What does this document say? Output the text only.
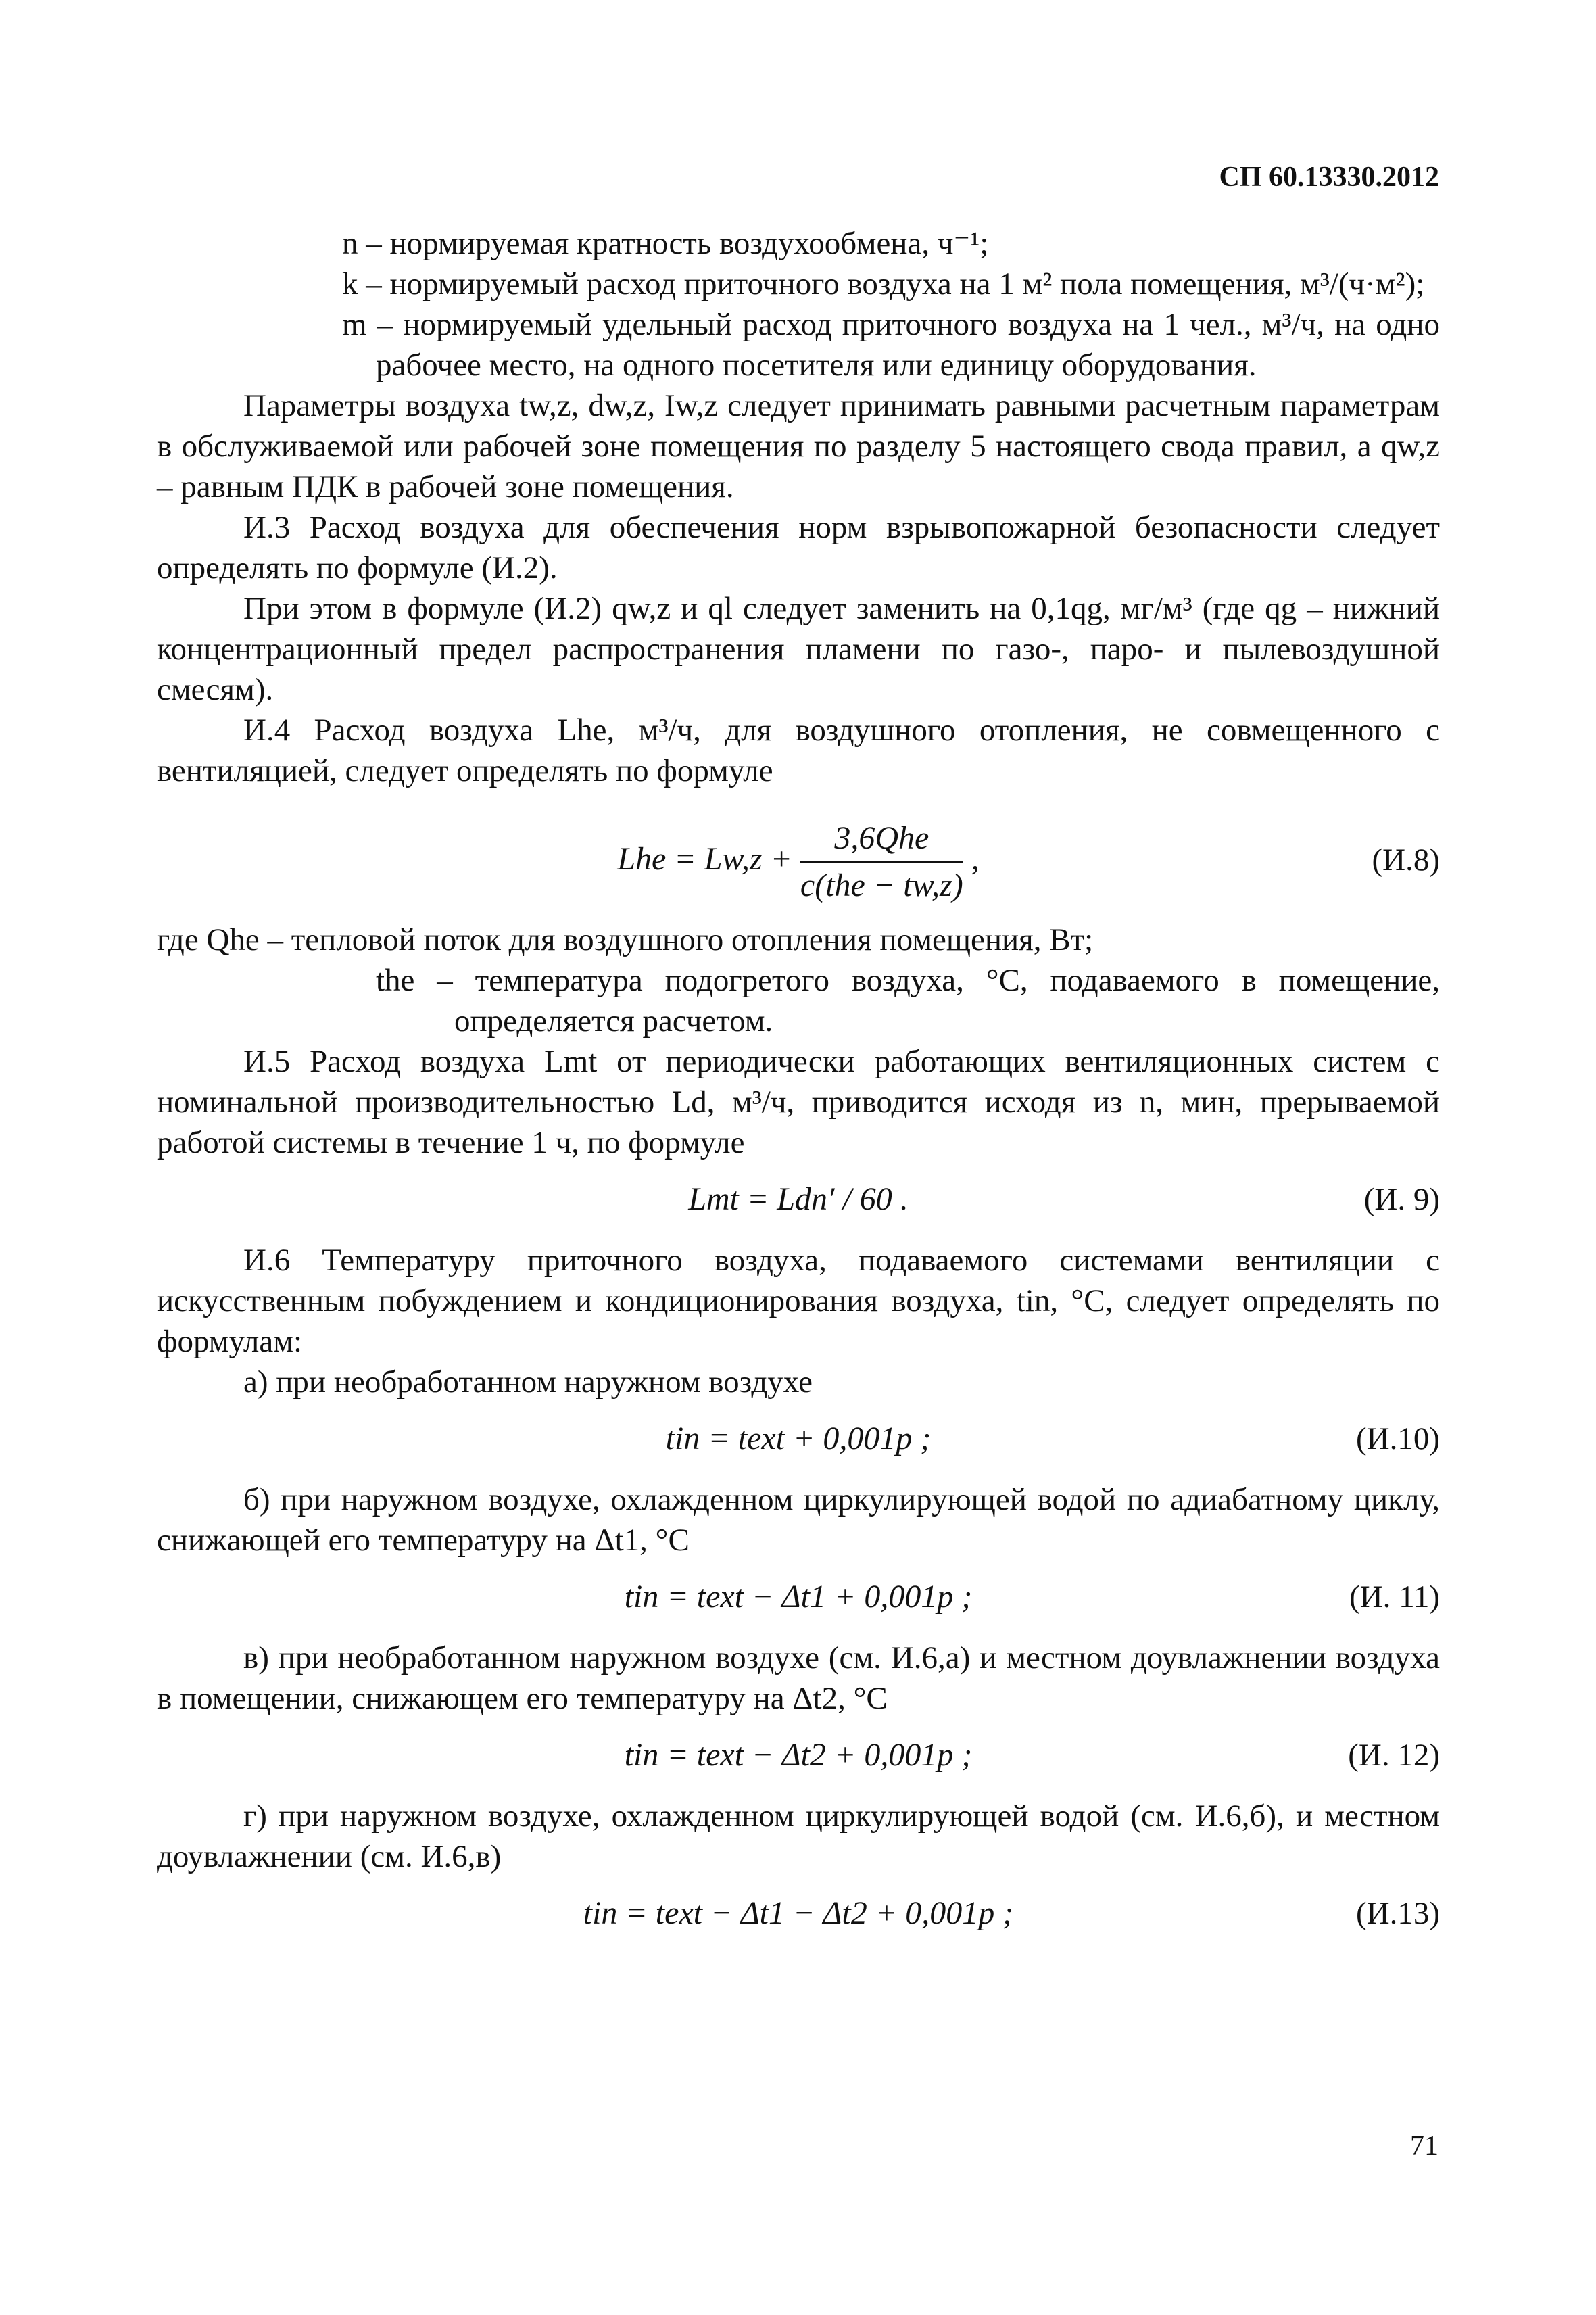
СП 60.13330.2012

n – нормируемая кратность воздухообмена, ч⁻¹;

k – нормируемый расход приточного воздуха на 1 м² пола помещения, м³/(ч·м²);

m – нормируемый удельный расход приточного воздуха на 1 чел., м³/ч, на одно рабочее место, на одного посетителя или единицу оборудования.

Параметры воздуха tw,z, dw,z, Iw,z следует принимать равными расчетным параметрам в обслуживаемой или рабочей зоне помещения по разделу 5 настоящего свода правил, а qw,z – равным ПДК в рабочей зоне помещения.

И.3 Расход воздуха для обеспечения норм взрывопожарной безопасности следует определять по формуле (И.2).

При этом в формуле (И.2) qw,z и ql следует заменить на 0,1qg, мг/м³ (где qg – нижний концентрационный предел распространения пламени по газо-, паро- и пылевоздушной смесям).

И.4 Расход воздуха Lhe, м³/ч, для воздушного отопления, не совмещенного с вентиляцией, следует определять по формуле

Lhe = $Lw,z + \frac{\text{3,6Qhe}}{\text{c(the − tw,z)}}$ ,	(И.8)

где Qhe – тепловой поток для воздушного отопления помещения, Вт;

the – температура подогретого воздуха, °С, подаваемого в помещение, определяется расчетом.

И.5 Расход воздуха Lmt от периодически работающих вентиляционных систем с номинальной производительностью Ld, м³/ч, приводится исходя из n, мин, прерываемой работой системы в течение 1 ч, по формуле

Lmt = Ldn′ / 60 .	(И. 9)

И.6 Температуру приточного воздуха, подаваемого системами вентиляции с искусственным побуждением и кондиционирования воздуха, tin, °С, следует определять по формулам:

а) при необработанном наружном воздухе

tin = text + 0,001p ;	(И.10)

б) при наружном воздухе, охлажденном циркулирующей водой по адиабатному циклу, снижающей его температуру на Δt1, °С

tin = text − Δt1 + 0,001p ;	(И. 11)

в) при необработанном наружном воздухе (см. И.6,а) и местном доувлажнении воздуха в помещении, снижающем его температуру на Δt2, °С

tin = text − Δt2 + 0,001p ;	(И. 12)

г) при наружном воздухе, охлажденном циркулирующей водой (см. И.6,б), и местном доувлажнении (см. И.6,в)

tin = text − Δt1 − Δt2 + 0,001p ;	(И.13)
71
